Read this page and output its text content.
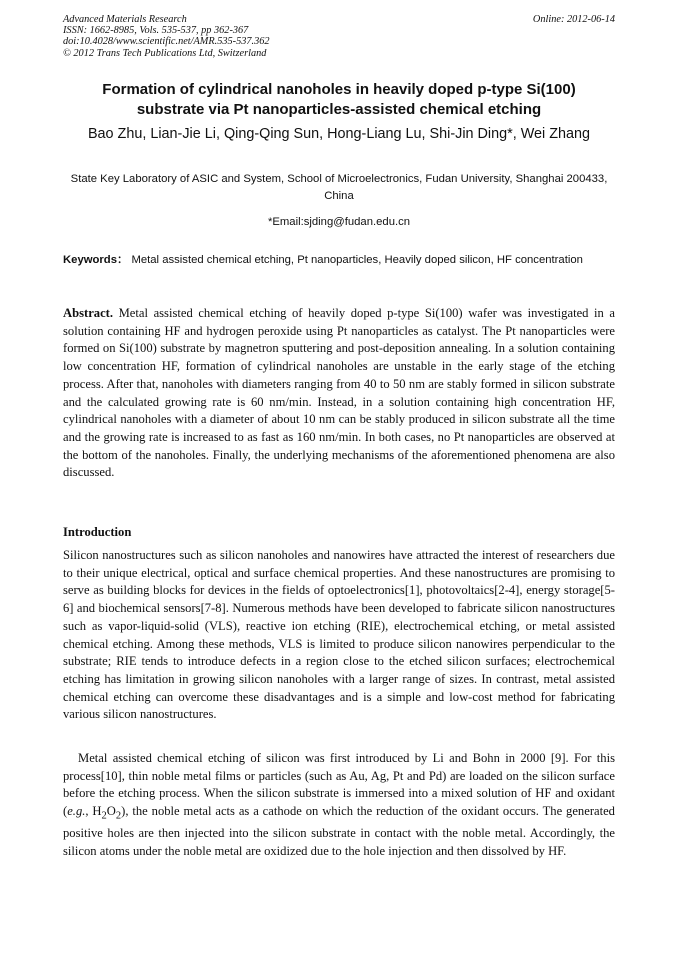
Advanced Materials Research
ISSN: 1662-8985, Vols. 535-537, pp 362-367
doi:10.4028/www.scientific.net/AMR.535-537.362
© 2012 Trans Tech Publications Ltd, Switzerland
Online: 2012-06-14
Formation of cylindrical nanoholes in heavily doped p-type Si(100) substrate via Pt nanoparticles-assisted chemical etching
Bao Zhu, Lian-Jie Li, Qing-Qing Sun, Hong-Liang Lu, Shi-Jin Ding*, Wei Zhang
State Key Laboratory of ASIC and System, School of Microelectronics, Fudan University, Shanghai 200433, China
*Email:sjding@fudan.edu.cn
Keywords： Metal assisted chemical etching, Pt nanoparticles, Heavily doped silicon, HF concentration
Abstract. Metal assisted chemical etching of heavily doped p-type Si(100) wafer was investigated in a solution containing HF and hydrogen peroxide using Pt nanoparticles as catalyst. The Pt nanoparticles were formed on Si(100) substrate by magnetron sputtering and post-deposition annealing. In a solution containing low concentration HF, formation of cylindrical nanoholes are unstable in the early stage of the etching process. After that, nanoholes with diameters ranging from 40 to 50 nm are stably formed in silicon substrate and the calculated growing rate is 60 nm/min. Instead, in a solution containing high concentration HF, cylindrical nanoholes with a diameter of about 10 nm can be stably produced in silicon substrate all the time and the growing rate is increased to as fast as 160 nm/min. In both cases, no Pt nanoparticles are observed at the bottom of the nanoholes. Finally, the underlying mechanisms of the aforementioned phenomena are also discussed.
Introduction
Silicon nanostructures such as silicon nanoholes and nanowires have attracted the interest of researchers due to their unique electrical, optical and surface chemical properties. And these nanostructures are promising to serve as building blocks for devices in the fields of optoelectronics[1], photovoltaics[2-4], energy storage[5-6] and biochemical sensors[7-8]. Numerous methods have been developed to fabricate silicon nanostructures such as vapor-liquid-solid (VLS), reactive ion etching (RIE), electrochemical etching, or metal assisted chemical etching. Among these methods, VLS is limited to produce silicon nanowires perpendicular to the substrate; RIE tends to introduce defects in a region close to the etched silicon surfaces; electrochemical etching has limitation in growing silicon nanoholes with a larger range of sizes. In contrast, metal assisted chemical etching can overcome these disadvantages and is a simple and low-cost method for fabricating various silicon nanostructures.
Metal assisted chemical etching of silicon was first introduced by Li and Bohn in 2000 [9]. For this process[10], thin noble metal films or particles (such as Au, Ag, Pt and Pd) are loaded on the silicon surface before the etching process. When the silicon substrate is immersed into a mixed solution of HF and oxidant (e.g., $H_2O_2$), the noble metal acts as a cathode on which the reduction of the oxidant occurs. The generated positive holes are then injected into the silicon substrate in contact with the noble metal. Accordingly, the silicon atoms under the noble metal are oxidized due to the hole injection and then dissolved by HF.
